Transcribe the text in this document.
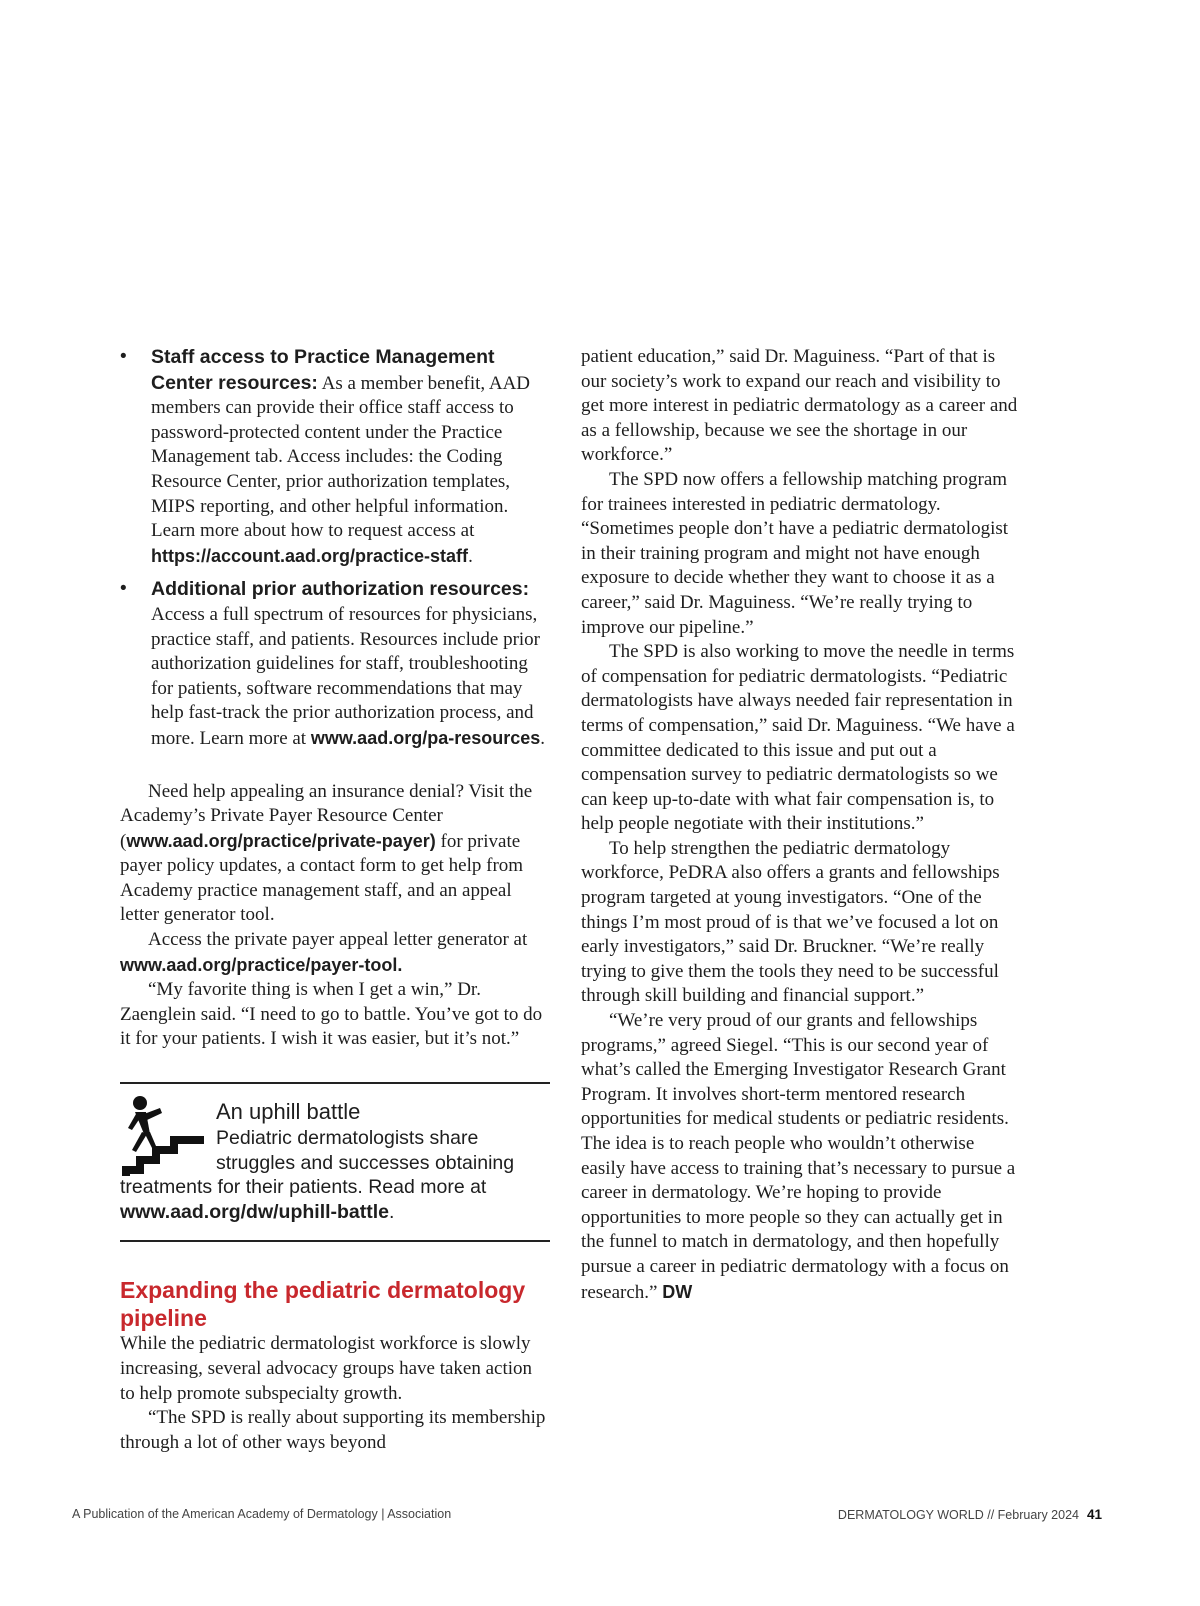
• Staff access to Practice Management Center resources: As a member benefit, AAD members can provide their office staff access to password-protected content under the Practice Management tab. Access includes: the Coding Resource Center, prior authorization templates, MIPS reporting, and other helpful information. Learn more about how to request access at https://account.aad.org/practice-staff.
• Additional prior authorization resources: Access a full spectrum of resources for physicians, practice staff, and patients. Resources include prior authorization guidelines for staff, troubleshooting for patients, software recommendations that may help fast-track the prior authorization process, and more. Learn more at www.aad.org/pa-resources.

Need help appealing an insurance denial? Visit the Academy’s Private Payer Resource Center (www.aad.org/practice/private-payer) for private payer policy updates, a contact form to get help from Academy practice management staff, and an appeal letter generator tool.

Access the private payer appeal letter generator at www.aad.org/practice/payer-tool.

“My favorite thing is when I get a win,” Dr. Zaenglein said. “I need to go to battle. You’ve got to do it for your patients. I wish it was easier, but it’s not.”

An uphill battle
Pediatric dermatologists share struggles and successes obtaining
treatments for their patients. Read more at www.aad.org/dw/uphill-battle.
Expanding the pediatric dermatology pipeline

While the pediatric dermatologist workforce is slowly increasing, several advocacy groups have taken action to help promote subspecialty growth.

“The SPD is really about supporting its membership through a lot of other ways beyond

patient education,” said Dr. Maguiness. “Part of that is our society’s work to expand our reach and visibility to get more interest in pediatric dermatology as a career and as a fellowship, because we see the shortage in our workforce.”

The SPD now offers a fellowship matching program for trainees interested in pediatric dermatology. “Sometimes people don’t have a pediatric dermatologist in their training program and might not have enough exposure to decide whether they want to choose it as a career,” said Dr. Maguiness. “We’re really trying to improve our pipeline.”

The SPD is also working to move the needle in terms of compensation for pediatric dermatologists. “Pediatric dermatologists have always needed fair representation in terms of compensation,” said Dr. Maguiness. “We have a committee dedicated to this issue and put out a compensation survey to pediatric dermatologists so we can keep up-to-date with what fair compensation is, to help people negotiate with their institutions.”

To help strengthen the pediatric dermatology workforce, PeDRA also offers a grants and fellowships program targeted at young investigators. “One of the things I’m most proud of is that we’ve focused a lot on early investigators,” said Dr. Bruckner. “We’re really trying to give them the tools they need to be successful through skill building and financial support.”

“We’re very proud of our grants and fellowships programs,” agreed Siegel. “This is our second year of what’s called the Emerging Investigator Research Grant Program. It involves short-term mentored research opportunities for medical students or pediatric residents. The idea is to reach people who wouldn’t otherwise easily have access to training that’s necessary to pursue a career in dermatology. We’re hoping to provide opportunities to more people so they can actually get in the funnel to match in dermatology, and then hopefully pursue a career in pediatric dermatology with a focus on research.” DW

A Publication of the American Academy of Dermatology | Association	DERMATOLOGY WORLD // February 2024 41
